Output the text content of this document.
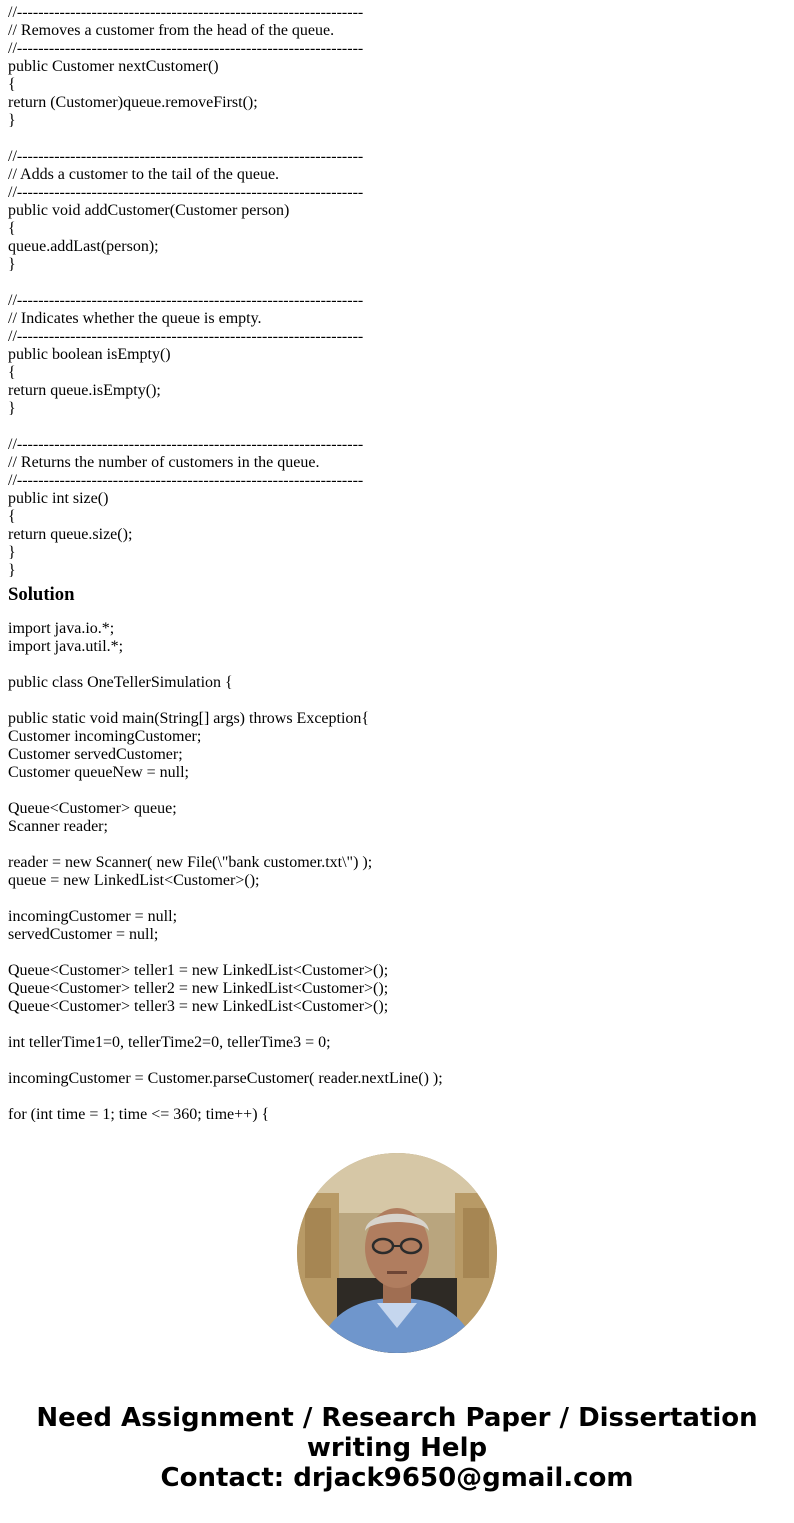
//-----------------------------------------------------------------
// Removes a customer from the head of the queue.
//-----------------------------------------------------------------
public Customer nextCustomer()
{
return (Customer)queue.removeFirst();
}
//-----------------------------------------------------------------
// Adds a customer to the tail of the queue.
//-----------------------------------------------------------------
public void addCustomer(Customer person)
{
queue.addLast(person);
}
//-----------------------------------------------------------------
// Indicates whether the queue is empty.
//-----------------------------------------------------------------
public boolean isEmpty()
{
return queue.isEmpty();
}
//-----------------------------------------------------------------
// Returns the number of customers in the queue.
//-----------------------------------------------------------------
public int size()
{
return queue.size();
}
}
Solution
import java.io.*;
import java.util.*;
public class OneTellerSimulation {
public static void main(String[] args) throws Exception{
Customer incomingCustomer;
Customer servedCustomer;
Customer queueNew = null;
Queue<Customer> queue;
Scanner reader;
reader = new Scanner( new File(\"bank customer.txt\") );
queue = new LinkedList<Customer>();
incomingCustomer = null;
servedCustomer = null;
Queue<Customer> teller1 = new LinkedList<Customer>();
Queue<Customer> teller2 = new LinkedList<Customer>();
Queue<Customer> teller3 = new LinkedList<Customer>();
int tellerTime1=0, tellerTime2=0, tellerTime3 = 0;
incomingCustomer = Customer.parseCustomer( reader.nextLine() );
for (int time = 1; time <= 360; time++) {
Need Assignment / Research Paper / Dissertation
writing Help
Contact: drjack9650@gmail.com
